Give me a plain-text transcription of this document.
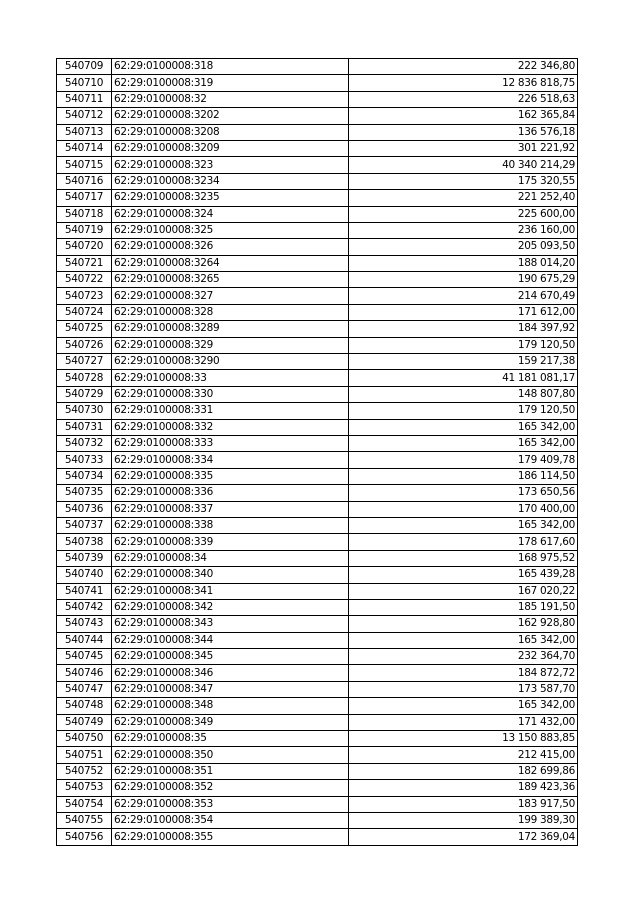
540709	62:29:0100008:318	222 346,80
540710	62:29:0100008:319	12 836 818,75
540711	62:29:0100008:32	226 518,63
540712	62:29:0100008:3202	162 365,84
540713	62:29:0100008:3208	136 576,18
540714	62:29:0100008:3209	301 221,92
540715	62:29:0100008:323	40 340 214,29
540716	62:29:0100008:3234	175 320,55
540717	62:29:0100008:3235	221 252,40
540718	62:29:0100008:324	225 600,00
540719	62:29:0100008:325	236 160,00
540720	62:29:0100008:326	205 093,50
540721	62:29:0100008:3264	188 014,20
540722	62:29:0100008:3265	190 675,29
540723	62:29:0100008:327	214 670,49
540724	62:29:0100008:328	171 612,00
540725	62:29:0100008:3289	184 397,92
540726	62:29:0100008:329	179 120,50
540727	62:29:0100008:3290	159 217,38
540728	62:29:0100008:33	41 181 081,17
540729	62:29:0100008:330	148 807,80
540730	62:29:0100008:331	179 120,50
540731	62:29:0100008:332	165 342,00
540732	62:29:0100008:333	165 342,00
540733	62:29:0100008:334	179 409,78
540734	62:29:0100008:335	186 114,50
540735	62:29:0100008:336	173 650,56
540736	62:29:0100008:337	170 400,00
540737	62:29:0100008:338	165 342,00
540738	62:29:0100008:339	178 617,60
540739	62:29:0100008:34	168 975,52
540740	62:29:0100008:340	165 439,28
540741	62:29:0100008:341	167 020,22
540742	62:29:0100008:342	185 191,50
540743	62:29:0100008:343	162 928,80
540744	62:29:0100008:344	165 342,00
540745	62:29:0100008:345	232 364,70
540746	62:29:0100008:346	184 872,72
540747	62:29:0100008:347	173 587,70
540748	62:29:0100008:348	165 342,00
540749	62:29:0100008:349	171 432,00
540750	62:29:0100008:35	13 150 883,85
540751	62:29:0100008:350	212 415,00
540752	62:29:0100008:351	182 699,86
540753	62:29:0100008:352	189 423,36
540754	62:29:0100008:353	183 917,50
540755	62:29:0100008:354	199 389,30
540756	62:29:0100008:355	172 369,04
